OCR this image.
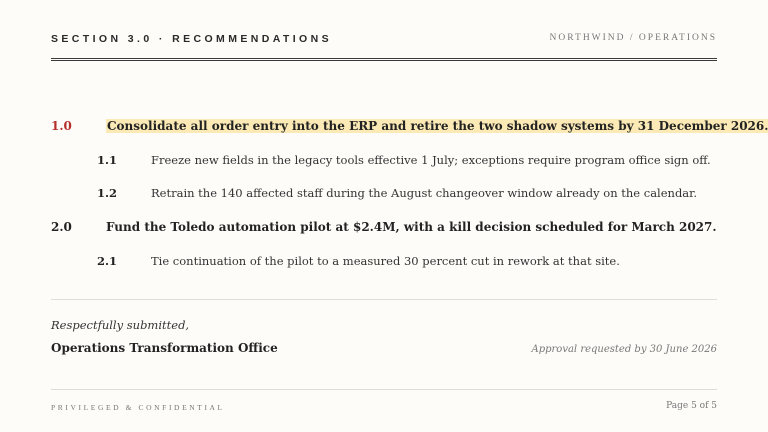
SECTION 3.0 · RECOMMENDATIONS	NORTHWIND / OPERATIONS
1.0	Consolidate all order entry into the ERP and retire the two shadow systems by 31 December 2026.
1.1	Freeze new fields in the legacy tools effective 1 July; exceptions require program office sign off.
1.2	Retrain the 140 affected staff during the August changeover window already on the calendar.
2.0	Fund the Toledo automation pilot at $2.4M, with a kill decision scheduled for March 2027.
2.1	Tie continuation of the pilot to a measured 30 percent cut in rework at that site.
Respectfully submitted,
Operations Transformation Office	Approval requested by 30 June 2026
PRIVILEGED & CONFIDENTIAL	Page 5 of 5
